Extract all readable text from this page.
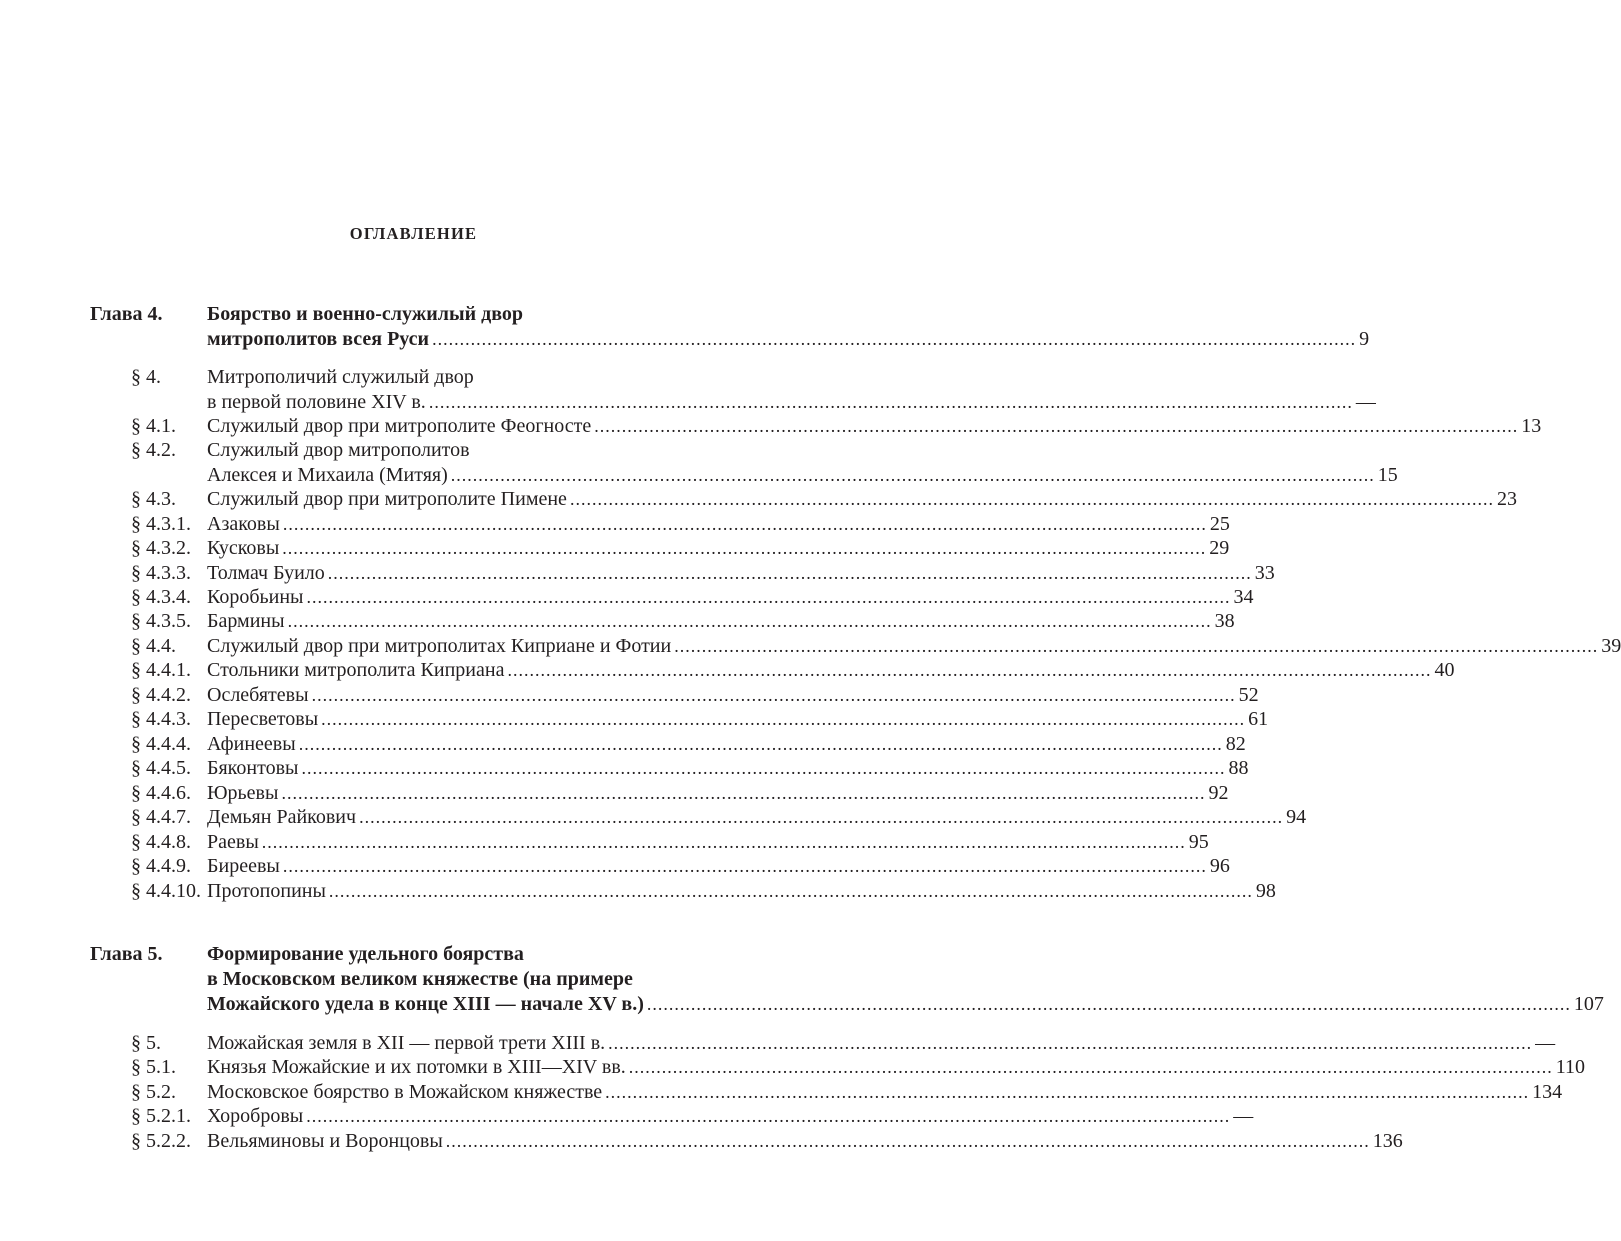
ОГЛАВЛЕНИЕ
Глава 4. Боярство и военно-служилый двор
митрополитов всея Руси .....	9
§ 4. Митрополичий служилый двор
в первой половине XIV в. .....	—
§ 4.1. Служилый двор при митрополите Феогносте .....	13
§ 4.2. Служилый двор митрополитов
Алексея и Михаила (Митяя) .....	15
§ 4.3. Служилый двор при митрополите Пимене .....	23
§ 4.3.1. Азаковы .....	25
§ 4.3.2. Кусковы .....	29
§ 4.3.3. Толмач Буило .....	33
§ 4.3.4. Коробьины .....	34
§ 4.3.5. Бармины .....	38
§ 4.4. Служилый двор при митрополитах Киприане и Фотии .....	39
§ 4.4.1. Стольники митрополита Киприана .....	40
§ 4.4.2. Ослебятевы .....	52
§ 4.4.3. Пересветовы .....	61
§ 4.4.4. Афинеевы .....	82
§ 4.4.5. Бяконтовы .....	88
§ 4.4.6. Юрьевы .....	92
§ 4.4.7. Демьян Райкович .....	94
§ 4.4.8. Раевы .....	95
§ 4.4.9. Биреевы .....	96
§ 4.4.10. Протопопины .....	98
Глава 5. Формирование удельного боярства
в Московском великом княжестве (на примере
Можайского удела в конце XIII — начале XV в.) .....	107
§ 5. Можайская земля в XII — первой трети XIII в. .....	—
§ 5.1. Князья Можайские и их потомки в XIII—XIV вв. .....	110
§ 5.2. Московское боярство в Можайском княжестве .....	134
§ 5.2.1. Хоробровы .....	—
§ 5.2.2. Вельяминовы и Воронцовы .....	136
